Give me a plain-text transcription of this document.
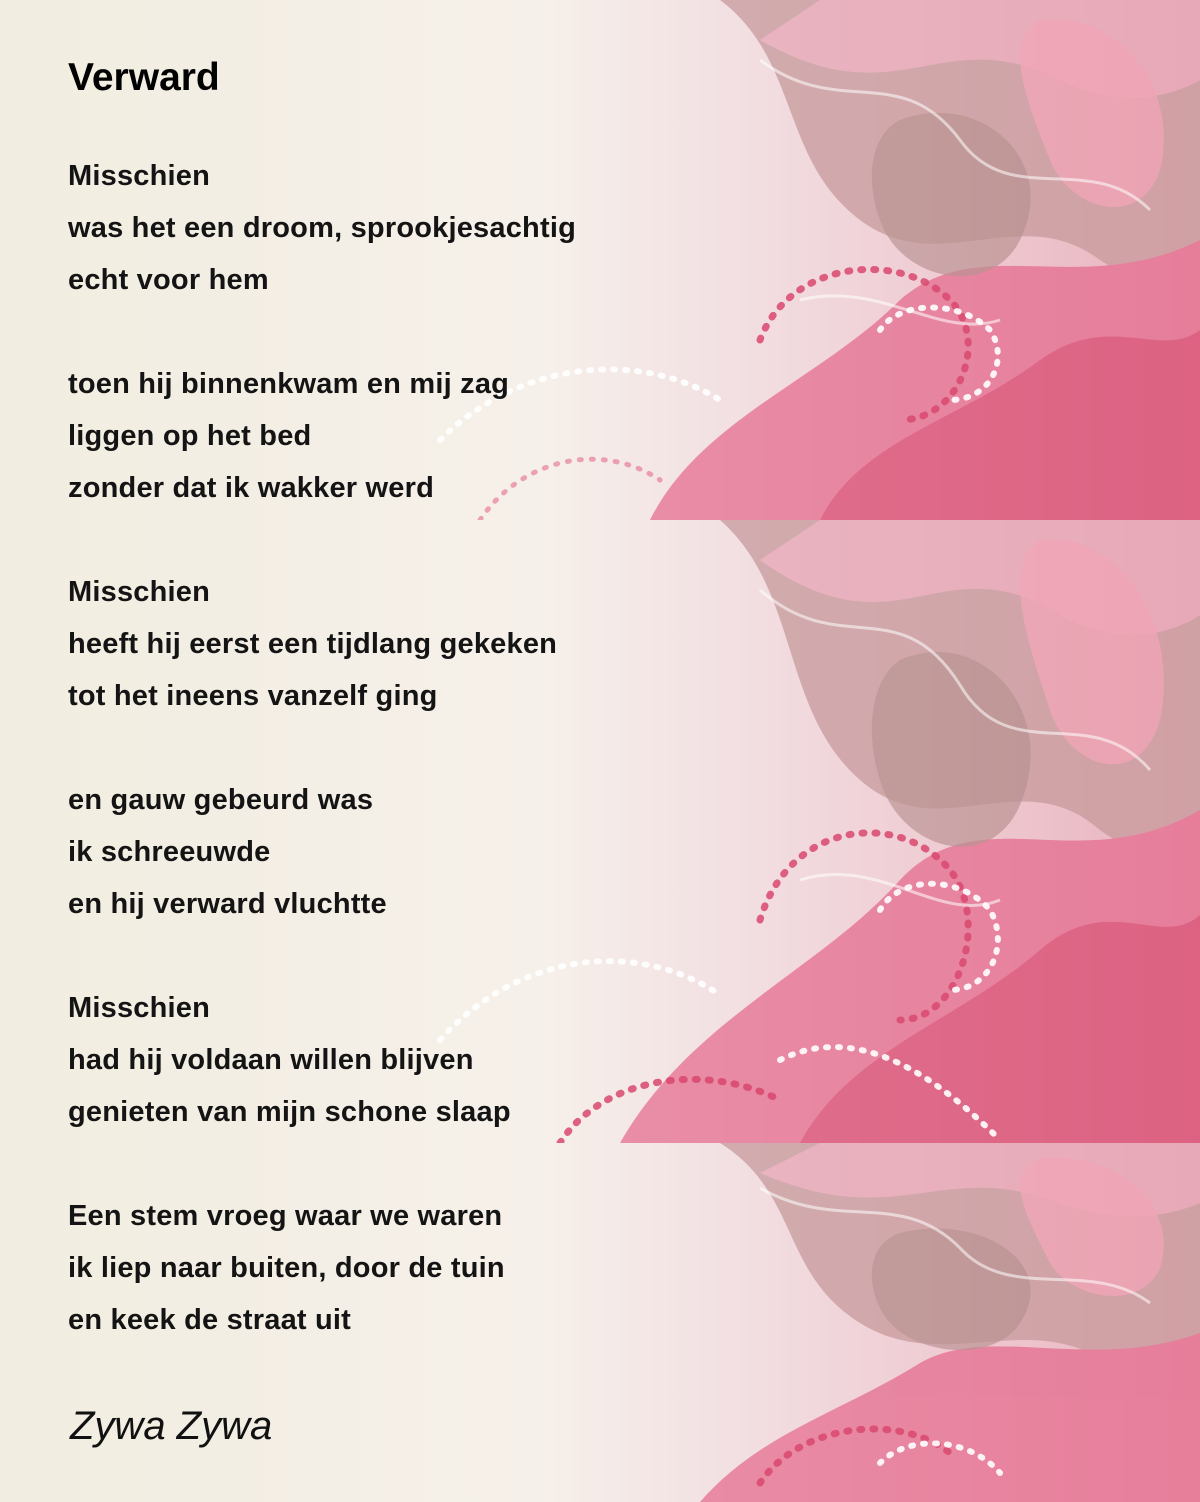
Verward
Misschien
was het een droom, sprookjesachtig
echt voor hem
toen hij binnenkwam en mij zag
liggen op het bed
zonder dat ik wakker werd
Misschien
heeft hij eerst een tijdlang gekeken
tot het ineens vanzelf ging
en gauw gebeurd was
ik schreeuwde
en hij verward vluchtte
Misschien
had hij voldaan willen blijven
genieten van mijn schone slaap
Een stem vroeg waar we waren
ik liep naar buiten, door de tuin
en keek de straat uit

Zywa Zywa
